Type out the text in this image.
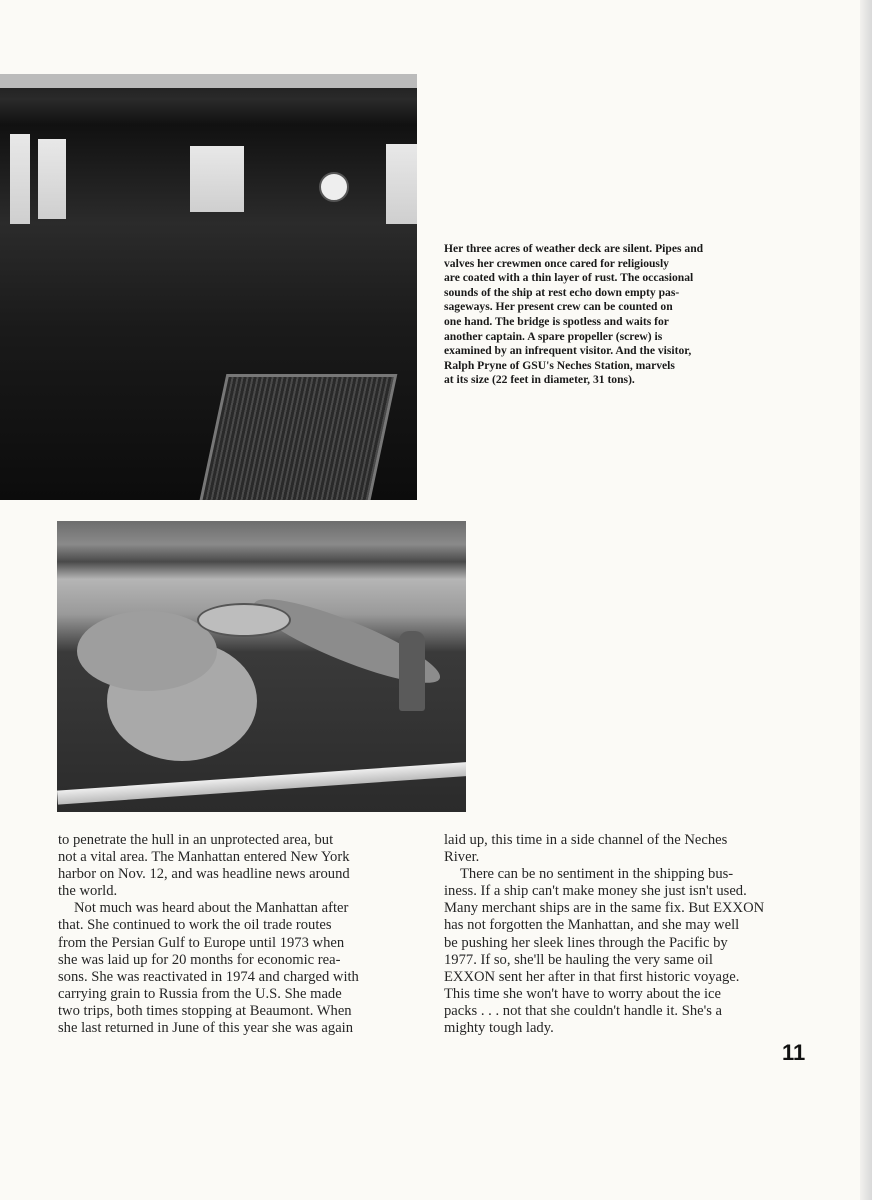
Her three acres of weather deck are silent. Pipes and
valves her crewmen once cared for religiously
are coated with a thin layer of rust. The occasional
sounds of the ship at rest echo down empty pas-
sageways. Her present crew can be counted on
one hand. The bridge is spotless and waits for
another captain. A spare propeller (screw) is
examined by an infrequent visitor. And the visitor,
Ralph Pryne of GSU's Neches Station, marvels
at its size (22 feet in diameter, 31 tons).
to penetrate the hull in an unprotected area, but
not a vital area. The Manhattan entered New York
harbor on Nov. 12, and was headline news around
the world.
Not much was heard about the Manhattan after
that. She continued to work the oil trade routes
from the Persian Gulf to Europe until 1973 when
she was laid up for 20 months for economic rea-
sons. She was reactivated in 1974 and charged with
carrying grain to Russia from the U.S. She made
two trips, both times stopping at Beaumont. When
she last returned in June of this year she was again
laid up, this time in a side channel of the Neches
River.
There can be no sentiment in the shipping bus-
iness. If a ship can't make money she just isn't used.
Many merchant ships are in the same fix. But EXXON
has not forgotten the Manhattan, and she may well
be pushing her sleek lines through the Pacific by
1977. If so, she'll be hauling the very same oil
EXXON sent her after in that first historic voyage.
This time she won't have to worry about the ice
packs . . . not that she couldn't handle it. She's a
mighty tough lady.
11
